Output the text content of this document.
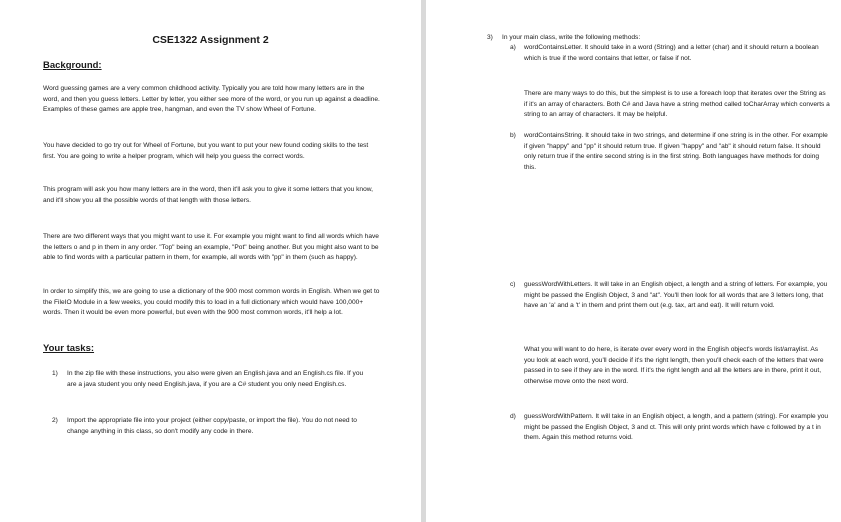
CSE1322 Assignment 2
Background:
Word guessing games are a very common childhood activity. Typically you are told how many letters are in the word, and then you guess letters. Letter by letter, you either see more of the word, or you run up against a deadline. Examples of these games are apple tree, hangman, and even the TV show Wheel of Fortune.
You have decided to go try out for Wheel of Fortune, but you want to put your new found coding skills to the test first. You are going to write a helper program, which will help you guess the correct words.
This program will ask you how many letters are in the word, then it'll ask you to give it some letters that you know, and it'll show you all the possible words of that length with those letters.
There are two different ways that you might want to use it. For example you might want to find all words which have the letters o and p in them in any order. "Top" being an example, "Pot" being another. But you might also want to be able to find words with a particular pattern in them, for example, all words with "pp" in them (such as happy).
In order to simplify this, we are going to use a dictionary of the 900 most common words in English. When we get to the FileIO Module in a few weeks, you could modify this to load in a full dictionary which would have 100,000+ words. Then it would be even more powerful, but even with the 900 most common words, it'll help a lot.
Your tasks:
1) In the zip file with these instructions, you also were given an English.java and an English.cs file. If you are a java student you only need English.java, if you are a C# student you only need English.cs.
2) Import the appropriate file into your project (either copy/paste, or import the file). You do not need to change anything in this class, so don't modify any code in there.
3) In your main class, write the following methods:
a) wordContainsLetter. It should take in a word (String) and a letter (char) and it should return a boolean which is true if the word contains that letter, or false if not.
There are many ways to do this, but the simplest is to use a foreach loop that iterates over the String as if it's an array of characters. Both C# and Java have a string method called toCharArray which converts a string to an array of characters. It may be helpful.
b) wordContainsString. It should take in two strings, and determine if one string is in the other. For example if given "happy" and "pp" it should return true. If given "happy" and "ab" it should return false. It should only return true if the entire second string is in the first string. Both languages have methods for doing this.
c) guessWordWithLetters. It will take in an English object, a length and a string of letters. For example, you might be passed the English Object, 3 and "at". You'll then look for all words that are 3 letters long, that have an 'a' and a 't' in them and print them out (e.g. tax, art and eat). It will return void.
What you will want to do here, is iterate over every word in the English object's words list/arraylist. As you look at each word, you'll decide if it's the right length, then you'll check each of the letters that were passed in to see if they are in the word. If it's the right length and all the letters are in there, print it out, otherwise move onto the next word.
d) guessWordWithPattern. It will take in an English object, a length, and a pattern (string). For example you might be passed the English Object, 3 and ct. This will only print words which have c followed by a t in them. Again this method returns void.
